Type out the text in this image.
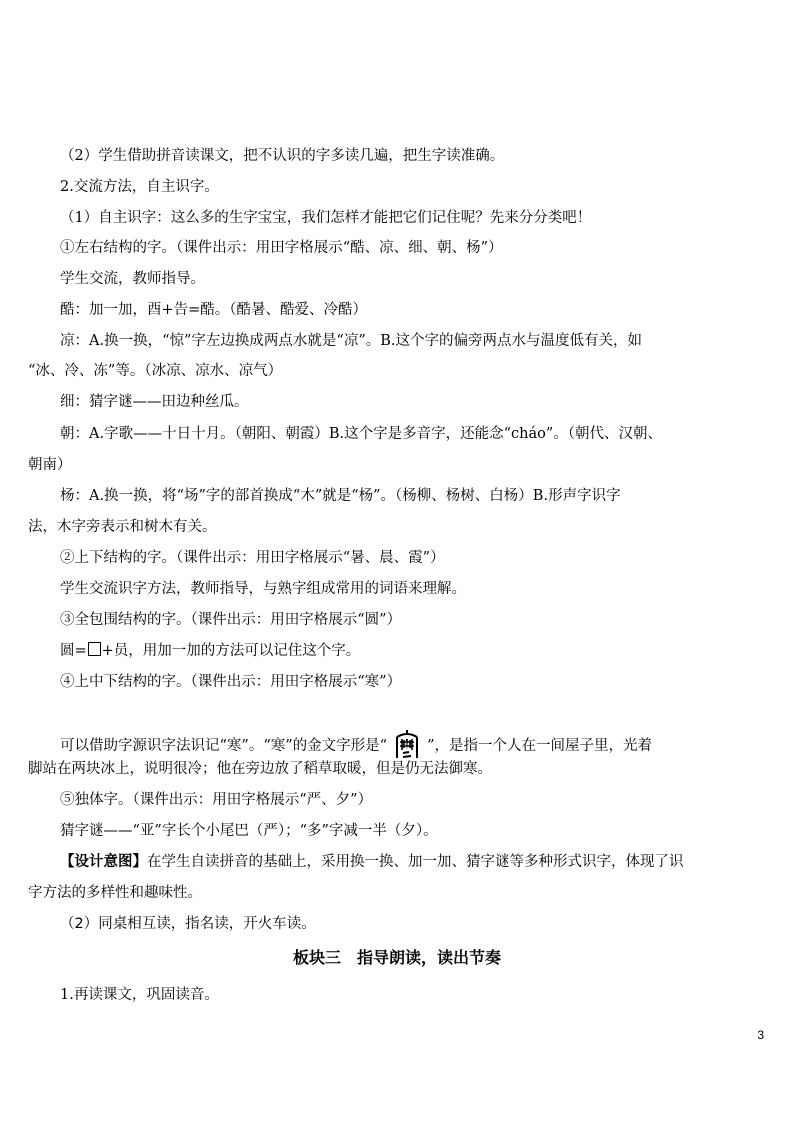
（2）学生借助拼音读课文，把不认识的字多读几遍，把生字读准确。
2.交流方法，自主识字。
（1）自主识字：这么多的生字宝宝，我们怎样才能把它们记住呢？先来分分类吧！
①左右结构的字。（课件出示：用田字格展示“酷、凉、细、朝、杨”）
学生交流，教师指导。
酷：加一加，酉+告=酷。（酷暑、酷爱、冷酷）
凉：A.换一换，“惊”字左边换成两点水就是“凉”。B.这个字的偏旁两点水与温度低有关，如
“冰、冷、冻”等。（冰凉、凉水、凉气）
细：猜字谜——田边种丝瓜。
朝：A.字歌——十日十月。（朝阳、朝霞）B.这个字是多音字，还能念“cháo”。（朝代、汉朝、
朝南）
杨：A.换一换，将“场”字的部首换成“木”就是“杨”。（杨柳、杨树、白杨）B.形声字识字
法，木字旁表示和树木有关。
②上下结构的字。（课件出示：用田字格展示“暑、晨、霞”）
学生交流识字方法，教师指导，与熟字组成常用的词语来理解。
③全包围结构的字。（课件出示：用田字格展示“圆”）
圆= +员，用加一加的方法可以记住这个字。
④上中下结构的字。（课件出示：用田字格展示“寒”）
可以借助字源识字法识记“寒”。“寒”的金文字形是“	”，是指一个人在一间屋子里，光着
脚站在两块冰上，说明很冷；他在旁边放了稻草取暖，但是仍无法御寒。
⑤独体字。（课件出示：用田字格展示“严、夕”）
猜字谜——“亚”字长个小尾巴（严）；“多”字减一半（夕）。
【设计意图】在学生自读拼音的基础上，采用换一换、加一加、猜字谜等多种形式识字，体现了识
字方法的多样性和趣味性。
（2）同桌相互读，指名读，开火车读。
板块三　指导朗读，读出节奏
1.再读课文，巩固读音。
3
